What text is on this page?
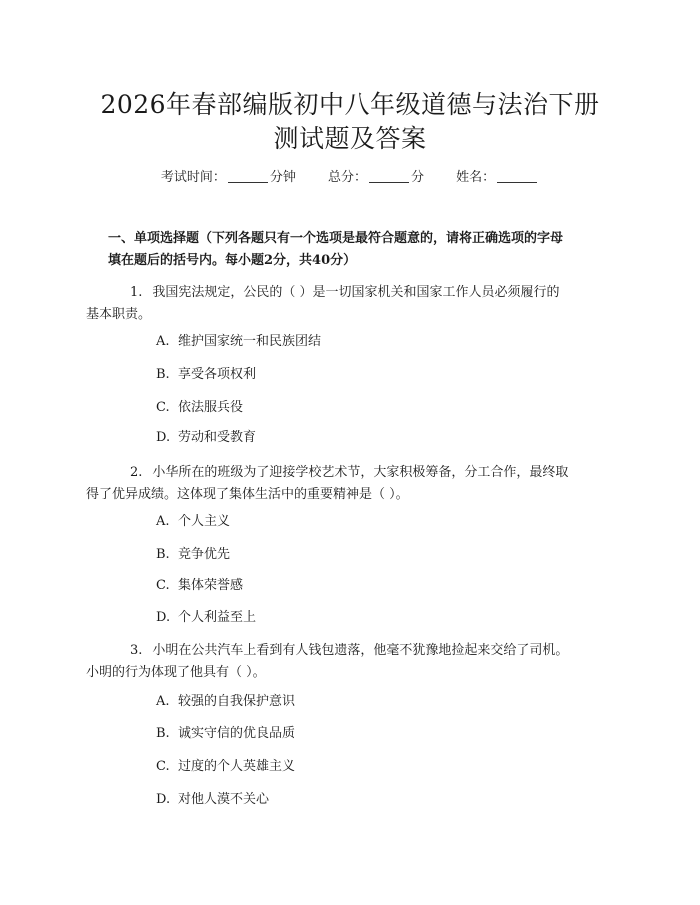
2026年春部编版初中八年级道德与法治下册
测试题及答案
考试时间：	分钟 总分：	分 姓名：
一、单项选择题（下列各题只有一个选项是最符合题意的，请将正确选项的字母
填在题后的括号内。每小题2分，共40分）
1. 我国宪法规定，公民的（ ）是一切国家机关和国家工作人员必须履行的
基本职责。
A. 维护国家统一和民族团结
B. 享受各项权利
C. 依法服兵役
D. 劳动和受教育
2. 小华所在的班级为了迎接学校艺术节，大家积极筹备，分工合作，最终取
得了优异成绩。这体现了集体生活中的重要精神是（ ）。
A. 个人主义
B. 竞争优先
C. 集体荣誉感
D. 个人利益至上
3. 小明在公共汽车上看到有人钱包遗落，他毫不犹豫地捡起来交给了司机。
小明的行为体现了他具有（ ）。
A. 较强的自我保护意识
B. 诚实守信的优良品质
C. 过度的个人英雄主义
D. 对他人漠不关心
